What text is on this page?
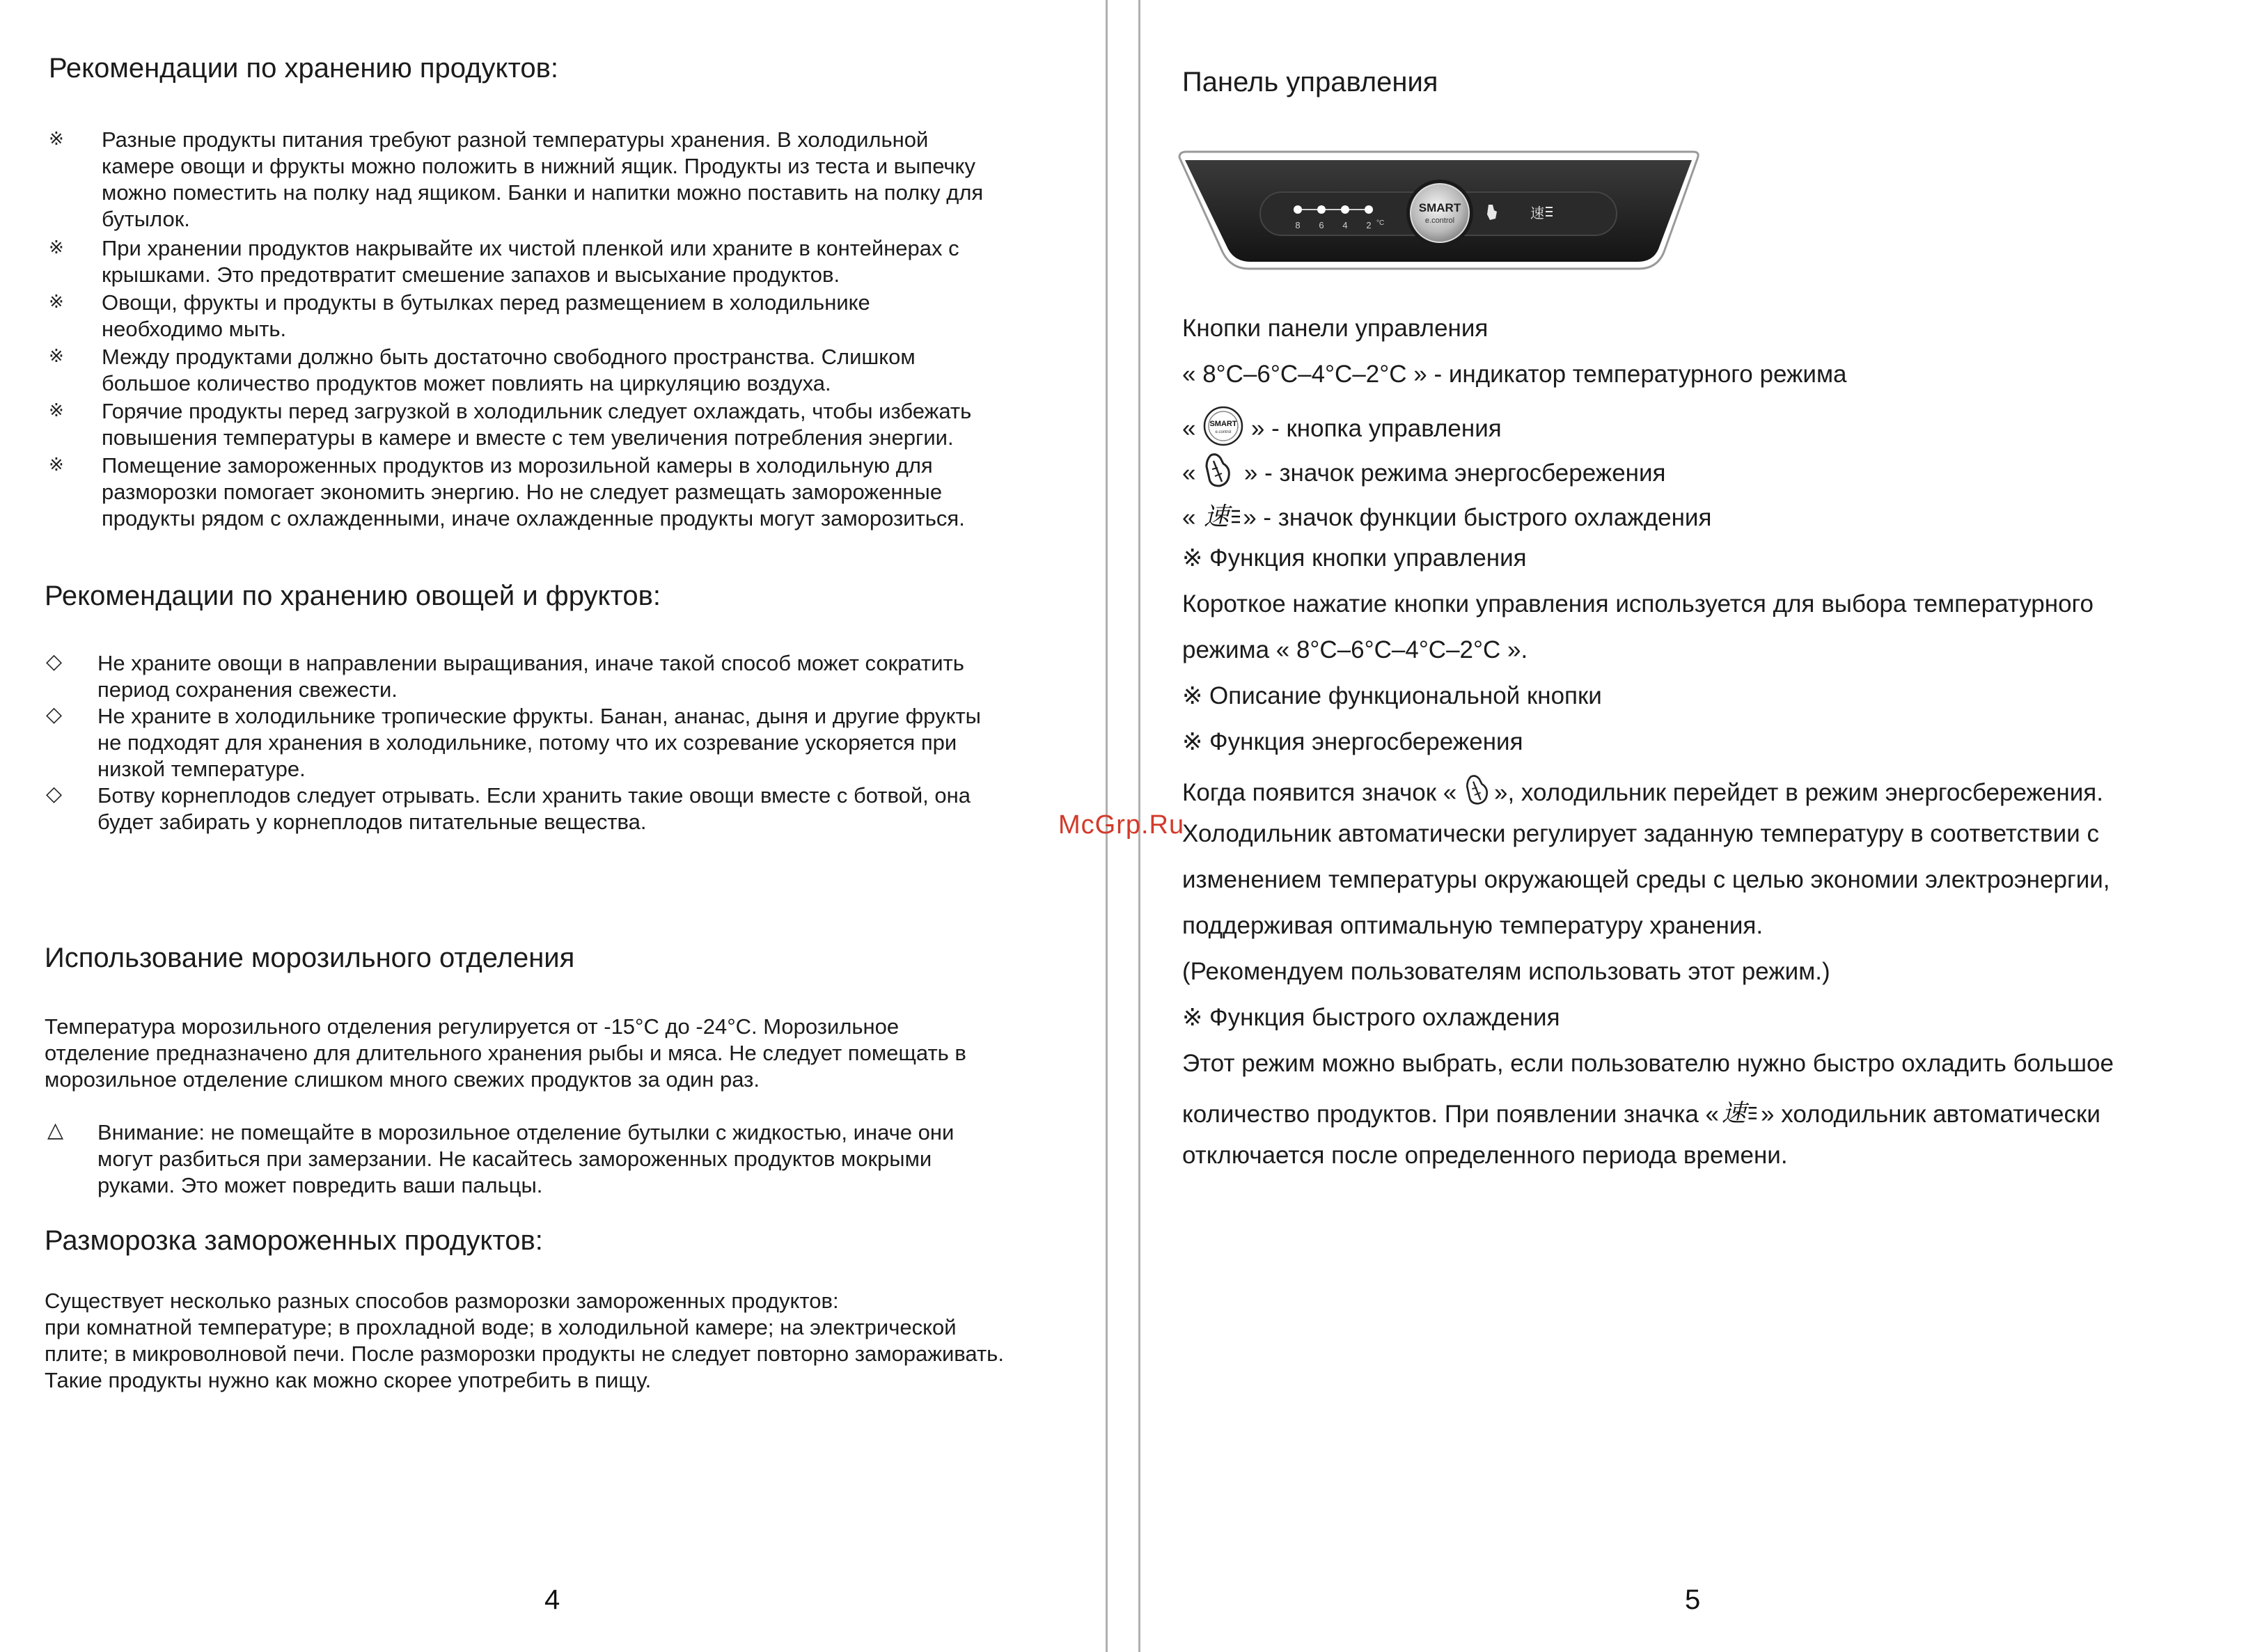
Рекомендации по хранению продуктов:
※ Разные продукты питания требуют разной температуры хранения. В холодильной
камере овощи и фрукты можно положить в нижний ящик. Продукты из теста и выпечку
можно поместить на полку над ящиком. Банки и напитки можно поставить на полку для
бутылок.
※ При хранении продуктов накрывайте их чистой пленкой или храните в контейнерах с
крышками. Это предотвратит смешение запахов и высыхание продуктов.
※ Овощи, фрукты и продукты в бутылках перед размещением в холодильнике
необходимо мыть.
※ Между продуктами должно быть достаточно свободного пространства. Слишком
большое количество продуктов может повлиять на циркуляцию воздуха.
※ Горячие продукты перед загрузкой в холодильник следует охлаждать, чтобы избежать
повышения температуры в камере и вместе с тем увеличения потребления энергии.
※ Помещение замороженных продуктов из морозильной камеры в холодильную для
разморозки помогает экономить энергию. Но не следует размещать замороженные
продукты рядом с охлажденными, иначе охлажденные продукты могут заморозиться.
Рекомендации по хранению овощей и фруктов:
◇ Не храните овощи в направлении выращивания, иначе такой способ может сократить
период сохранения свежести.
◇ Не храните в холодильнике тропические фрукты. Банан, ананас, дыня и другие фрукты
не подходят для хранения в холодильнике, потому что их созревание ускоряется при
низкой температуре.
◇ Ботву корнеплодов следует отрывать. Если хранить такие овощи вместе с ботвой, она
будет забирать у корнеплодов питательные вещества.
Использование морозильного отделения
Температура морозильного отделения регулируется от -15°С до -24°С. Морозильное
отделение предназначено для длительного хранения рыбы и мяса. Не следует помещать в
морозильное отделение слишком много свежих продуктов за один раз.
△ Внимание: не помещайте в морозильное отделение бутылки с жидкостью, иначе они
могут разбиться при замерзании. Не касайтесь замороженных продуктов мокрыми
руками. Это может повредить ваши пальцы.
Разморозка замороженных продуктов:
Существует несколько разных способов разморозки замороженных продуктов:
при комнатной температуре; в прохладной воде; в холодильной камере; на электрической
плите; в микроволновой печи. После разморозки продукты не следует повторно замораживать.
Такие продукты нужно как можно скорее употребить в пищу.
4
Панель управления
8 6 4 2 °C
SMART
e.control	速
Кнопки панели управления
« 8°C–6°C–4°C–2°C » - индикатор температурного режима
« SMART
e.control » - кнопка управления
«  » - значок режима энергосбережения
« 速 » - значок функции быстрого охлаждения
※ Функция кнопки управления
Короткое нажатие кнопки управления используется для выбора температурного
режима « 8°C–6°C–4°C–2°C ».
※ Описание функциональной кнопки
※ Функция энергосбережения
Когда появится значок « », холодильник перейдет в режим энергосбережения.
Холодильник автоматически регулирует заданную температуру в соответствии с
изменением температуры окружающей среды с целью экономии электроэнергии,
поддерживая оптимальную температуру хранения.
(Рекомендуем пользователям использовать этот режим.)
※ Функция быстрого охлаждения
Этот режим можно выбрать, если пользователю нужно быстро охладить большое
количество продуктов. При появлении значка « 速 » холодильник автоматически
отключается после определенного периода времени.
5
McGrp.Ru
